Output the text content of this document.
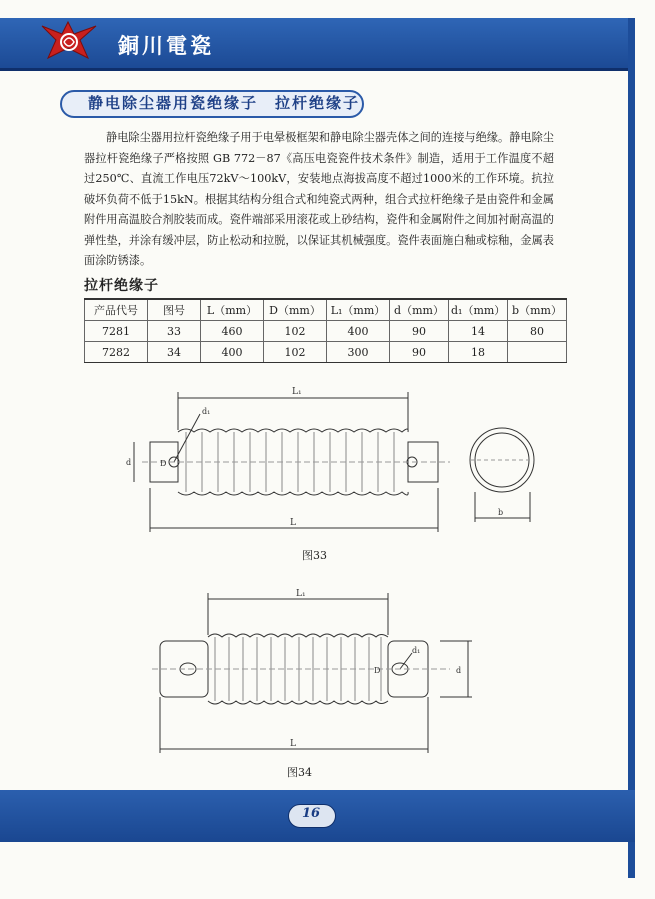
銅川電瓷
静电除尘器用瓷绝缘子　拉杆绝缘子
静电除尘器用拉杆瓷绝缘子用于电晕极框架和静电除尘器壳体之间的连接与绝缘。静电除尘器拉杆瓷绝缘子严格按照 GB 772－87《高压电瓷瓷件技术条件》制造，适用于工作温度不超过250℃、直流工作电压72kV～100kV，安装地点海拔高度不超过1000米的工作环境。抗拉破坏负荷不低于15kN。根据其结构分组合式和纯瓷式两种，组合式拉杆绝缘子是由瓷件和金属附件用高温胶合剂胶装而成。瓷件端部采用滚花或上砂结构，瓷件和金属附件之间加衬耐高温的弹性垫，并涂有缓冲层，防止松动和拉脱，以保证其机械强度。瓷件表面施白釉或棕釉，金属表面涂防锈漆。
拉杆绝缘子
产品代号	图号	L（mm）	D（mm）	L₁（mm）	d（mm）	d₁（mm）	b（mm）
7281	33	460	102	400	90	14	80
7282	34	400	102	300	90	18	
L₁
L
d₁
d	D
b
图33
L₁
L
d₁
d
D
图34
16
